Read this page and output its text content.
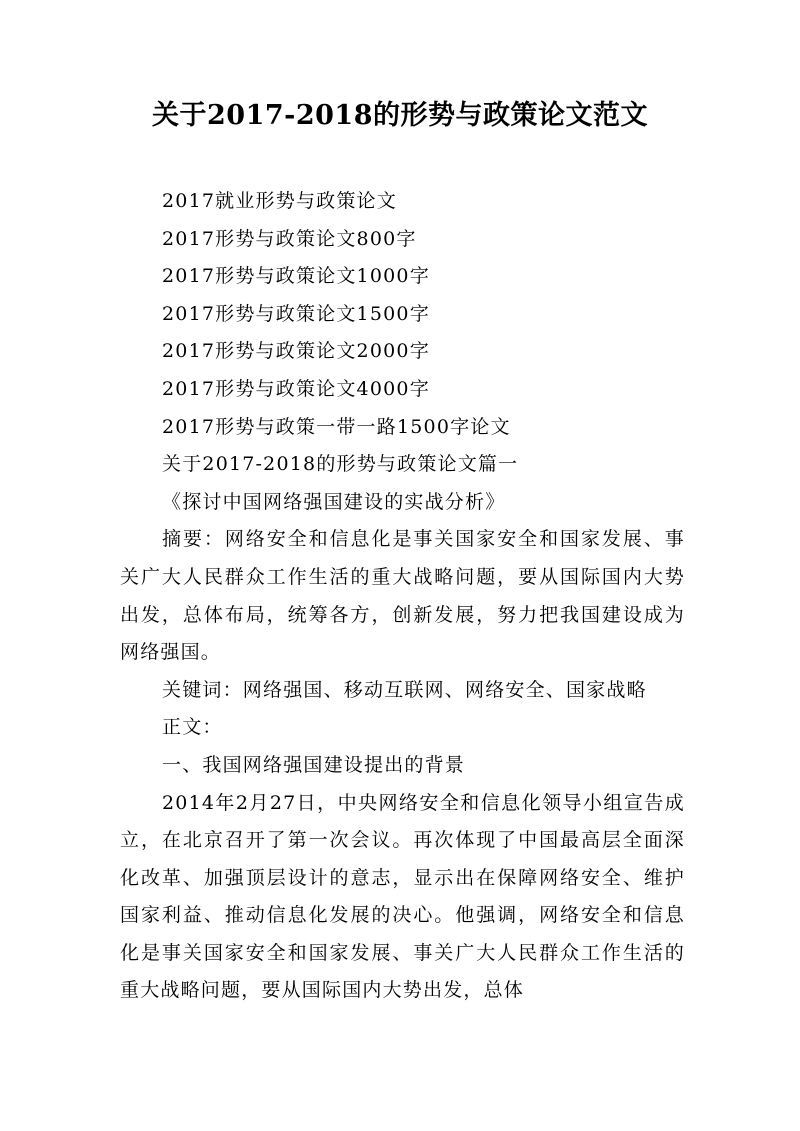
关于2017-2018的形势与政策论文范文
2017就业形势与政策论文
2017形势与政策论文800字
2017形势与政策论文1000字
2017形势与政策论文1500字
2017形势与政策论文2000字
2017形势与政策论文4000字
2017形势与政策一带一路1500字论文
关于2017-2018的形势与政策论文篇一
《探讨中国网络强国建设的实战分析》

摘要：网络安全和信息化是事关国家安全和国家发展、事关广大人民群众工作生活的重大战略问题，要从国际国内大势出发，总体布局，统筹各方，创新发展，努力把我国建设成为网络强国。

关键词：网络强国、移动互联网、网络安全、国家战略
正文：
一、我国网络强国建设提出的背景

2014年2月27日，中央网络安全和信息化领导小组宣告成立，在北京召开了第一次会议。再次体现了中国最高层全面深化改革、加强顶层设计的意志，显示出在保障网络安全、维护国家利益、推动信息化发展的决心。他强调，网络安全和信息化是事关国家安全和国家发展、事关广大人民群众工作生活的重大战略问题，要从国际国内大势出发，总体
